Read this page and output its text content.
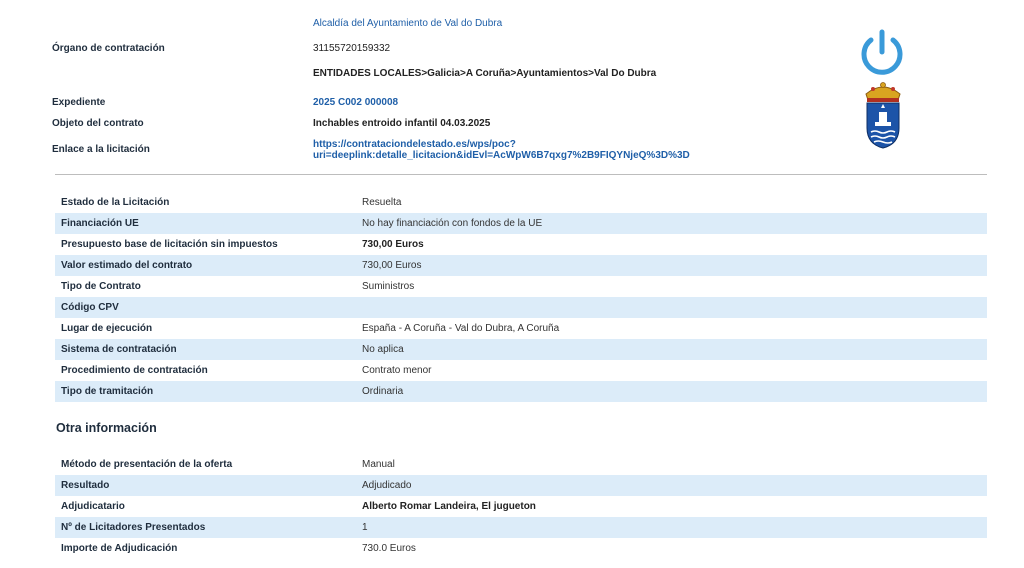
Alcaldía del Ayuntamiento de Val do Dubra
Órgano de contratación	31155720159332
ENTIDADES LOCALES>Galicia>A Coruña>Ayuntamientos>Val Do Dubra
Expediente	2025 C002 000008
Objeto del contrato	Inchables entroido infantil 04.03.2025
Enlace a la licitación	https://contrataciondelestado.es/wps/poc?
uri=deeplink:detalle_licitacion&idEvl=AcWpW6B7qxg7%2B9FIQYNjeQ%3D%3D
Estado de la Licitación	Resuelta
Financiación UE	No hay financiación con fondos de la UE
Presupuesto base de licitación sin impuestos	730,00 Euros
Valor estimado del contrato	730,00 Euros
Tipo de Contrato	Suministros
Código CPV
Lugar de ejecución	España - A Coruña - Val do Dubra, A Coruña
Sistema de contratación	No aplica
Procedimiento de contratación	Contrato menor
Tipo de tramitación	Ordinaria
Otra información
Método de presentación de la oferta	Manual
Resultado	Adjudicado
Adjudicatario	Alberto Romar Landeira, El jugueton
Nº de Licitadores Presentados	1
Importe de Adjudicación	730.0 Euros
